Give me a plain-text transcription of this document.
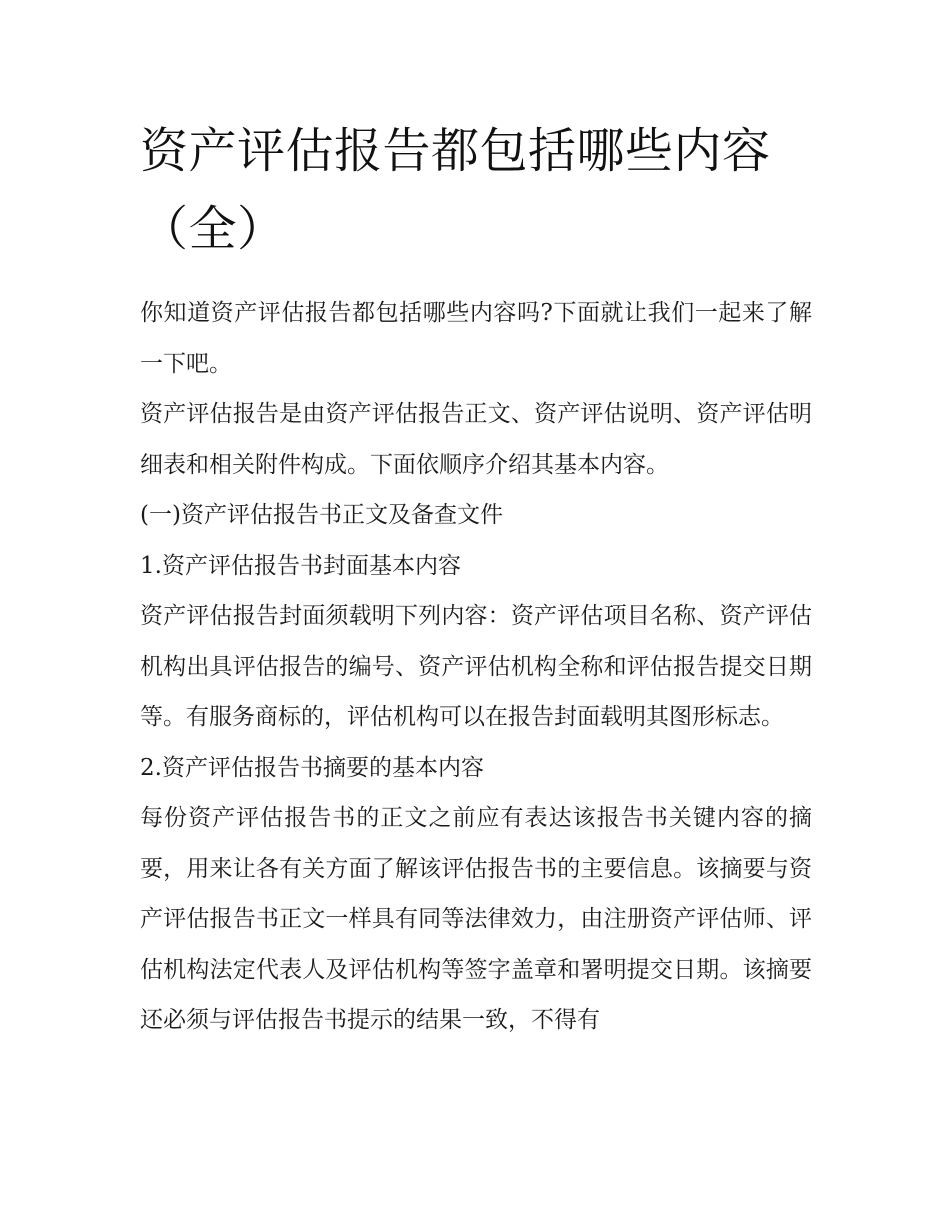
资产评估报告都包括哪些内容（全）

你知道资产评估报告都包括哪些内容吗?下面就让我们一起来了解一下吧。

资产评估报告是由资产评估报告正文、资产评估说明、资产评估明细表和相关附件构成。下面依顺序介绍其基本内容。

(一)资产评估报告书正文及备查文件

1.资产评估报告书封面基本内容

资产评估报告封面须载明下列内容：资产评估项目名称、资产评估机构出具评估报告的编号、资产评估机构全称和评估报告提交日期等。有服务商标的，评估机构可以在报告封面载明其图形标志。

2.资产评估报告书摘要的基本内容

每份资产评估报告书的正文之前应有表达该报告书关键内容的摘要，用来让各有关方面了解该评估报告书的主要信息。该摘要与资产评估报告书正文一样具有同等法律效力，由注册资产评估师、评估机构法定代表人及评估机构等签字盖章和署明提交日期。该摘要还必须与评估报告书提示的结果一致，不得有
